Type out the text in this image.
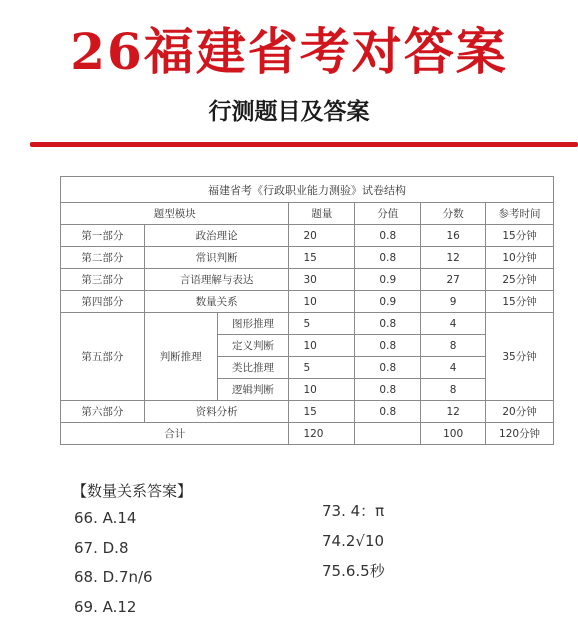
26福建省考对答案
行测题目及答案
福建省考《行政职业能力测验》试卷结构						
题型模块			题量	分值	分数	参考时间
第一部分	政治理论		20	0.8	16	15分钟
第二部分	常识判断		15	0.8	12	10分钟
第三部分	言语理解与表达		30	0.9	27	25分钟
第四部分	数量关系		10	0.9	9	15分钟
第五部分	判断推理	图形推理	5	0.8	4	35分钟
		定义判断	10	0.8	8	
		类比推理	5	0.8	4	
		逻辑判断	10	0.8	8	
第六部分	资料分析		15	0.8	12	20分钟
合计			120		100	120分钟
【数量关系答案】
66. A.14
67. D.8
68. D.7n/6
69. A.12
73. 4：π
74.2√10
75.6.5秒
